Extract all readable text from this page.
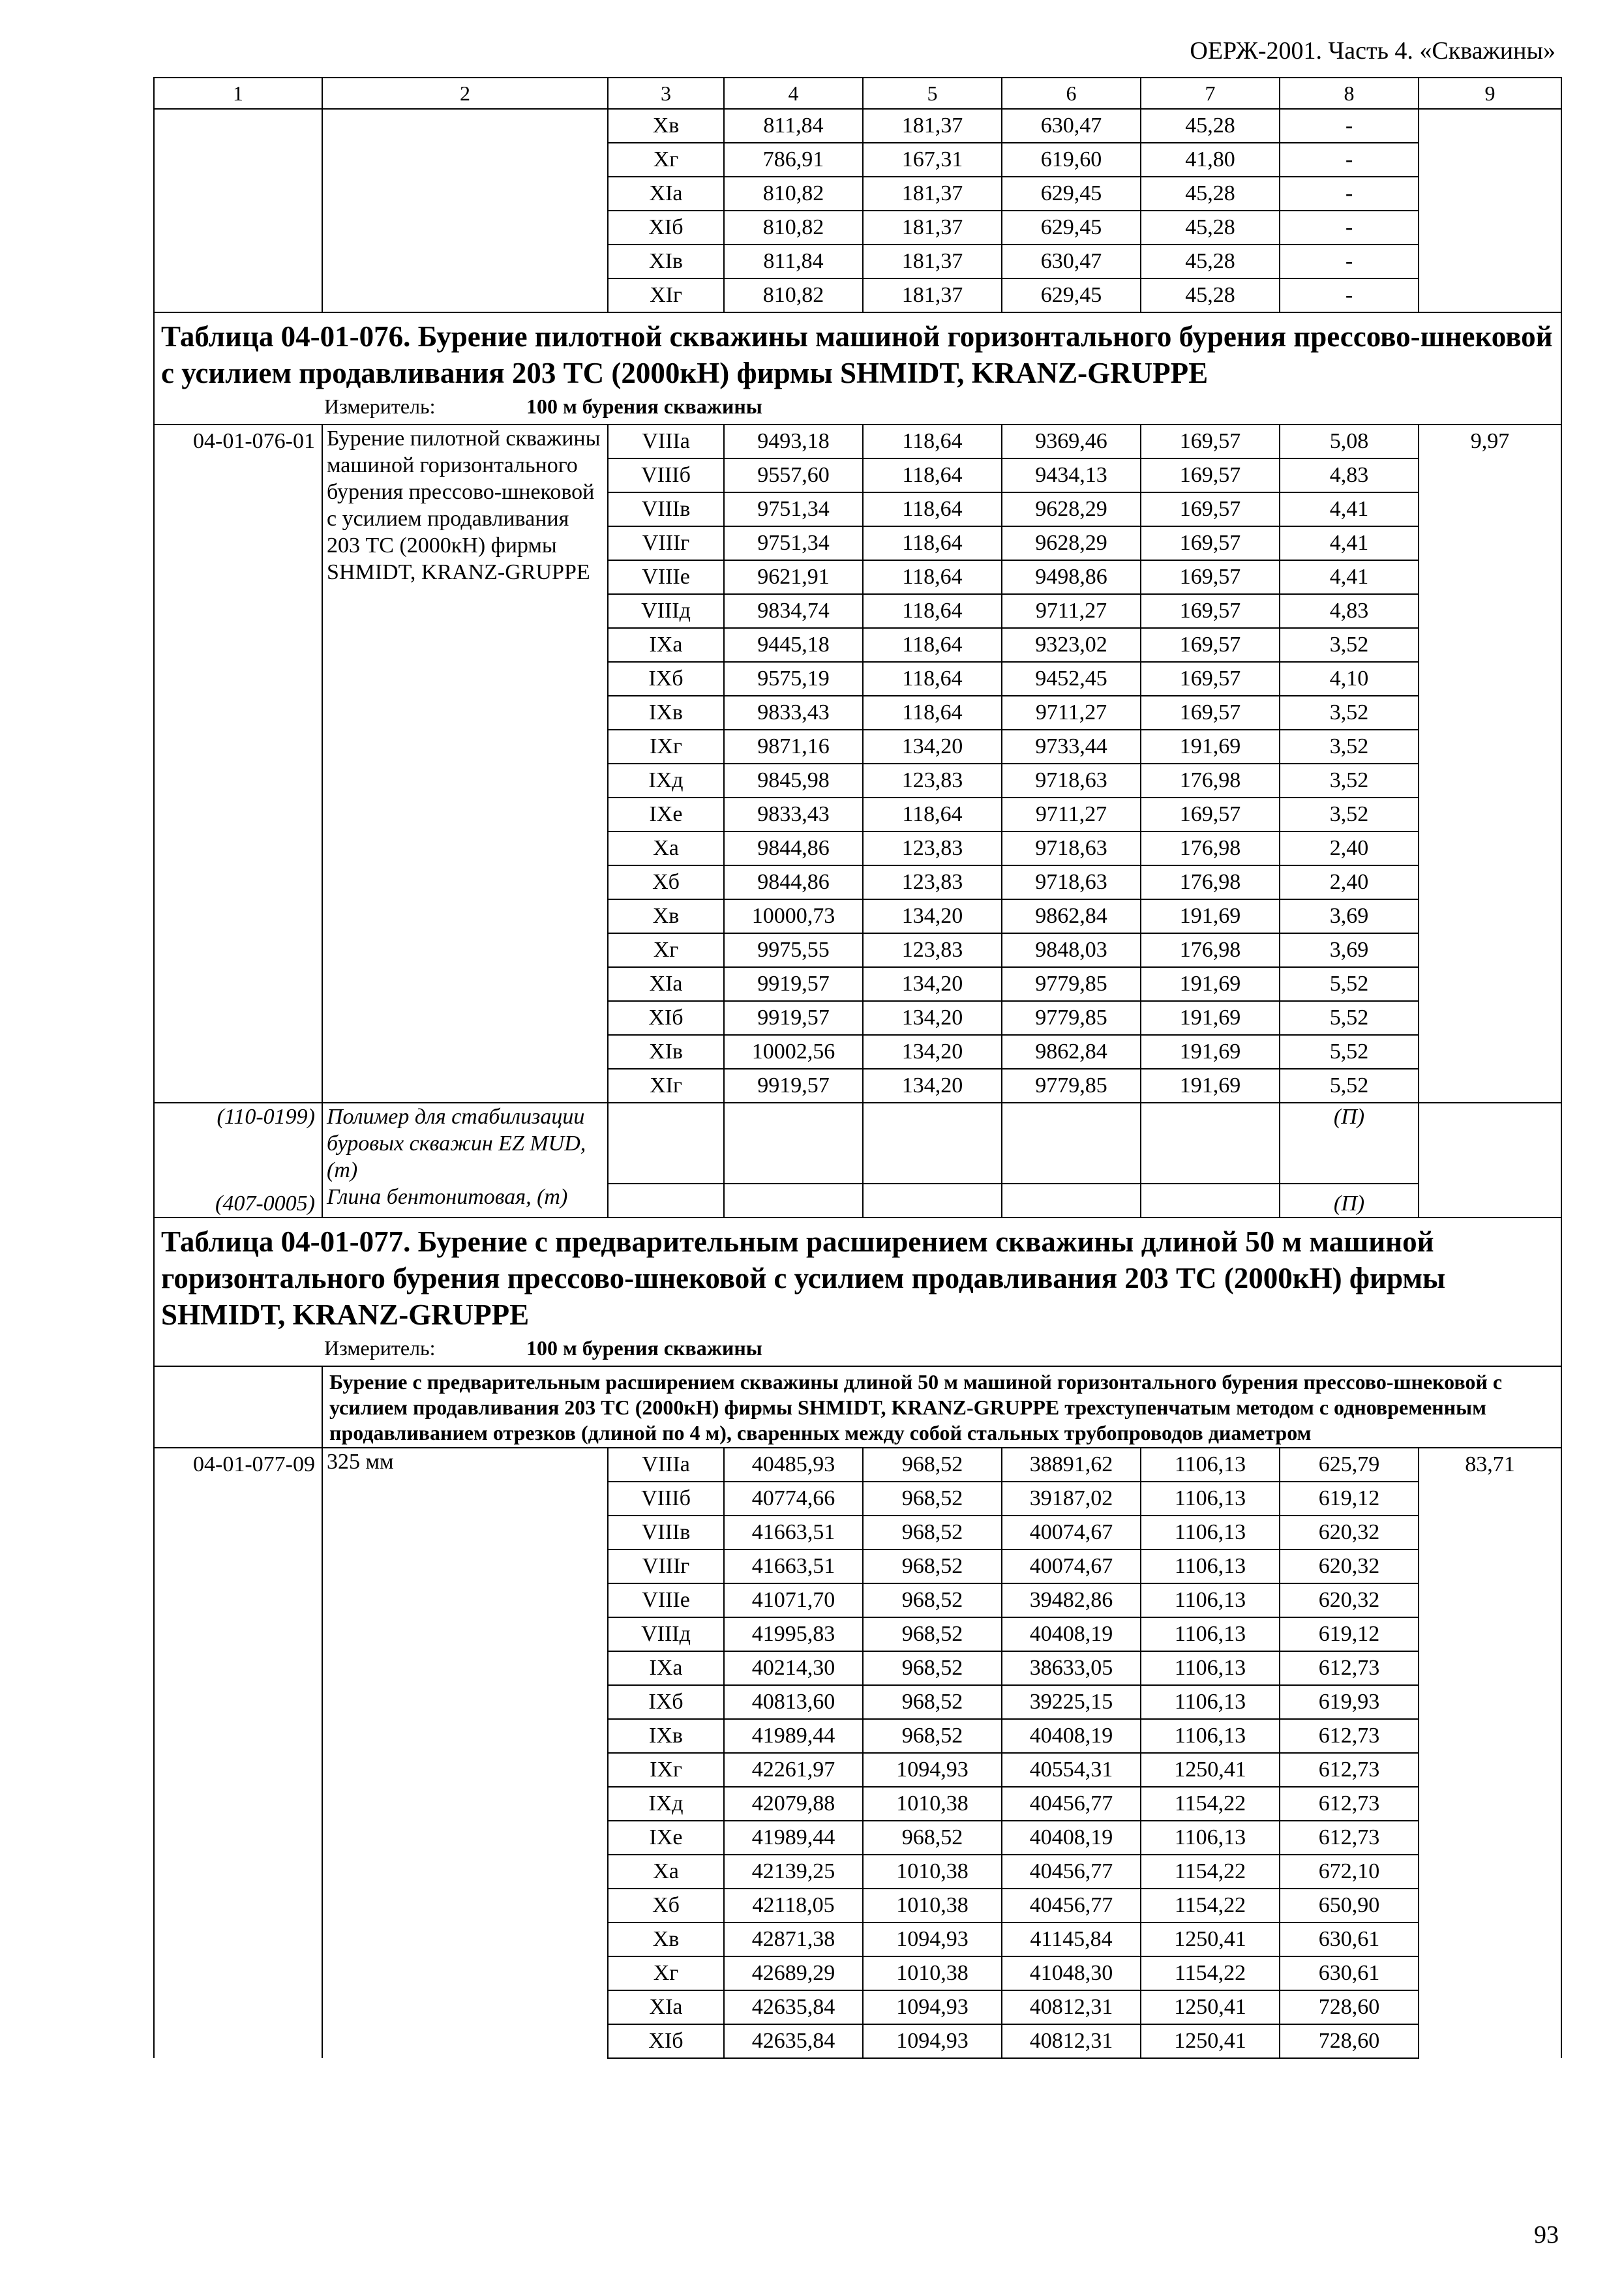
ОЕРЖ-2001. Часть 4. «Скважины»
1	2	3	4	5	6	7	8	9
		Хв	811,84	181,37	630,47	45,28	-	
		Хг	786,91	167,31	619,60	41,80	-	
		ХIа	810,82	181,37	629,45	45,28	-	
		ХIб	810,82	181,37	629,45	45,28	-	
		ХIв	811,84	181,37	630,47	45,28	-	
		ХIг	810,82	181,37	629,45	45,28	-	

Таблица 04-01-076. Бурение пилотной скважины машиной горизонтального бурения прессово-шнековой с усилием продавливания 203 ТС (2000кН) фирмы SHMIDT, KRANZ-GRUPPE
Измеритель: 100 м бурения скважины								

04-01-076-01	Бурение пилотной скважины машиной горизонтального бурения прессово-шнековой с усилием продавливания 203 ТС (2000кН) фирмы SHMIDT, KRANZ-GRUPPE	VIIIа	9493,18	118,64	9369,46	169,57	5,08	9,97
		VIIIб	9557,60	118,64	9434,13	169,57	4,83	
		VIIIв	9751,34	118,64	9628,29	169,57	4,41	
		VIIIг	9751,34	118,64	9628,29	169,57	4,41	
		VIIIе	9621,91	118,64	9498,86	169,57	4,41	
		VIIIд	9834,74	118,64	9711,27	169,57	4,83	
		IХа	9445,18	118,64	9323,02	169,57	3,52	
		IХб	9575,19	118,64	9452,45	169,57	4,10	
		IХв	9833,43	118,64	9711,27	169,57	3,52	
		IХг	9871,16	134,20	9733,44	191,69	3,52	
		IХд	9845,98	123,83	9718,63	176,98	3,52	
		IХе	9833,43	118,64	9711,27	169,57	3,52	
		Ха	9844,86	123,83	9718,63	176,98	2,40	
		Хб	9844,86	123,83	9718,63	176,98	2,40	
		Хв	10000,73	134,20	9862,84	191,69	3,69	
		Хг	9975,55	123,83	9848,03	176,98	3,69	
		ХIа	9919,57	134,20	9779,85	191,69	5,52	
		ХIб	9919,57	134,20	9779,85	191,69	5,52	
		ХIв	10002,56	134,20	9862,84	191,69	5,52	
		ХIг	9919,57	134,20	9779,85	191,69	5,52	
(110-0199)	Полимер для стабилизации буровых скважин EZ MUD, (т)						(П)	
(407-0005)	Глина бентонитовая, (т)						(П)	

Таблица 04-01-077. Бурение с предварительным расширением скважины длиной 50 м машиной горизонтального бурения прессово-шнековой с усилием продавливания 203 ТС (2000кН) фирмы SHMIDT, KRANZ-GRUPPE
Измеритель: 100 м бурения скважины								

	Бурение с предварительным расширением скважины длиной 50 м машиной горизонтального бурения прессово-шнековой с усилием продавливания 203 ТС (2000кН) фирмы SHMIDT, KRANZ-GRUPPE трехступенчатым методом с одновременным продавливанием отрезков (длиной по 4 м), сваренных между собой стальных трубопроводов диаметром							
04-01-077-09	325 мм	VIIIа	40485,93	968,52	38891,62	1106,13	625,79	83,71
		VIIIб	40774,66	968,52	39187,02	1106,13	619,12	
		VIIIв	41663,51	968,52	40074,67	1106,13	620,32	
		VIIIг	41663,51	968,52	40074,67	1106,13	620,32	
		VIIIе	41071,70	968,52	39482,86	1106,13	620,32	
		VIIIд	41995,83	968,52	40408,19	1106,13	619,12	
		IХа	40214,30	968,52	38633,05	1106,13	612,73	
		IХб	40813,60	968,52	39225,15	1106,13	619,93	
		IХв	41989,44	968,52	40408,19	1106,13	612,73	
		IХг	42261,97	1094,93	40554,31	1250,41	612,73	
		IХд	42079,88	1010,38	40456,77	1154,22	612,73	
		IХе	41989,44	968,52	40408,19	1106,13	612,73	
		Ха	42139,25	1010,38	40456,77	1154,22	672,10	
		Хб	42118,05	1010,38	40456,77	1154,22	650,90	
		Хв	42871,38	1094,93	41145,84	1250,41	630,61	
		Хг	42689,29	1010,38	41048,30	1154,22	630,61	
		ХIа	42635,84	1094,93	40812,31	1250,41	728,60	
		ХIб	42635,84	1094,93	40812,31	1250,41	728,60	
93
